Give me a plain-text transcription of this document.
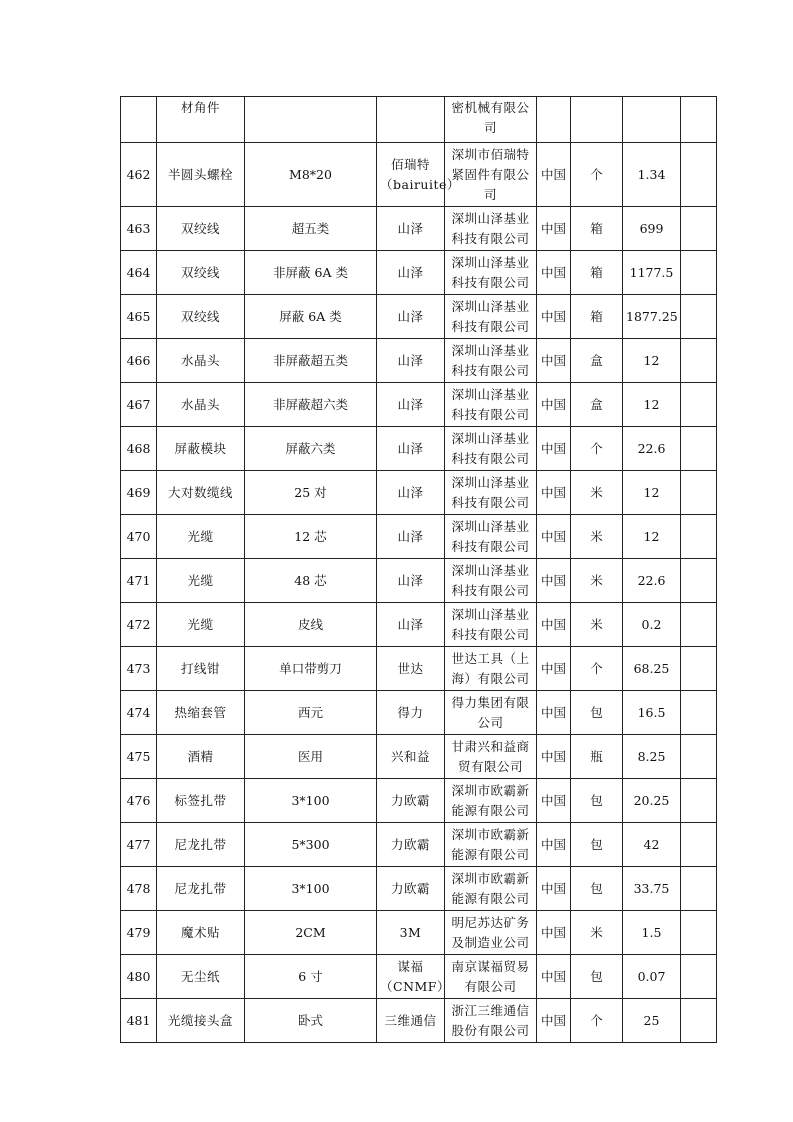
	材角件			密机械有限公
司				
462	半圆头螺栓	M8*20	佰瑞特（bairuite）	深圳市佰瑞特紧固件有限公司	中国	个	1.34	
463	双绞线	超五类	山泽	深圳山泽基业科技有限公司	中国	箱	699	
464	双绞线	非屏蔽 6A 类	山泽	深圳山泽基业科技有限公司	中国	箱	1177.5	
465	双绞线	屏蔽 6A 类	山泽	深圳山泽基业科技有限公司	中国	箱	1877.25	
466	水晶头	非屏蔽超五类	山泽	深圳山泽基业科技有限公司	中国	盒	12	
467	水晶头	非屏蔽超六类	山泽	深圳山泽基业科技有限公司	中国	盒	12	
468	屏蔽模块	屏蔽六类	山泽	深圳山泽基业科技有限公司	中国	个	22.6	
469	大对数缆线	25 对	山泽	深圳山泽基业科技有限公司	中国	米	12	
470	光缆	12 芯	山泽	深圳山泽基业科技有限公司	中国	米	12	
471	光缆	48 芯	山泽	深圳山泽基业科技有限公司	中国	米	22.6	
472	光缆	皮线	山泽	深圳山泽基业科技有限公司	中国	米	0.2	
473	打线钳	单口带剪刀	世达	世达工具（上海）有限公司	中国	个	68.25	
474	热缩套管	西元	得力	得力集团有限公司	中国	包	16.5	
475	酒精	医用	兴和益	甘肃兴和益商贸有限公司	中国	瓶	8.25	
476	标签扎带	3*100	力欧霸	深圳市欧霸新能源有限公司	中国	包	20.25	
477	尼龙扎带	5*300	力欧霸	深圳市欧霸新能源有限公司	中国	包	42	
478	尼龙扎带	3*100	力欧霸	深圳市欧霸新能源有限公司	中国	包	33.75	
479	魔术贴	2CM	3M	明尼苏达矿务及制造业公司	中国	米	1.5	
480	无尘纸	6 寸	谋福（CNMF）	南京谋福贸易有限公司	中国	包	0.07	
481	光缆接头盒	卧式	三维通信	浙江三维通信股份有限公司	中国	个	25	
